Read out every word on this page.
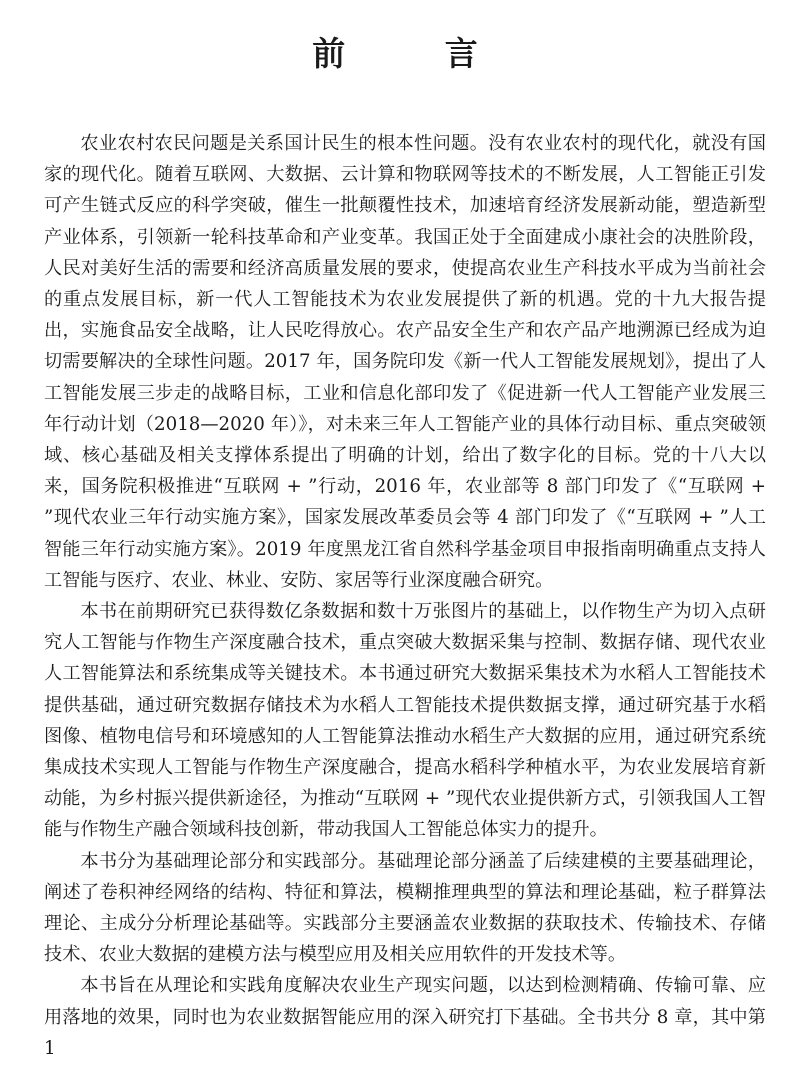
前 言

农业农村农民问题是关系国计民生的根本性问题。没有农业农村的现代化，就没有国家的现代化。随着互联网、大数据、云计算和物联网等技术的不断发展，人工智能正引发可产生链式反应的科学突破，催生一批颠覆性技术，加速培育经济发展新动能，塑造新型产业体系，引领新一轮科技革命和产业变革。我国正处于全面建成小康社会的决胜阶段，人民对美好生活的需要和经济高质量发展的要求，使提高农业生产科技水平成为当前社会的重点发展目标，新一代人工智能技术为农业发展提供了新的机遇。党的十九大报告提出，实施食品安全战略，让人民吃得放心。农产品安全生产和农产品产地溯源已经成为迫切需要解决的全球性问题。2017 年，国务院印发《新一代人工智能发展规划》，提出了人工智能发展三步走的战略目标，工业和信息化部印发了《促进新一代人工智能产业发展三年行动计划（2018—2020 年）》，对未来三年人工智能产业的具体行动目标、重点突破领域、核心基础及相关支撑体系提出了明确的计划，给出了数字化的目标。党的十八大以来，国务院积极推进“互联网 + ”行动，2016 年，农业部等 8 部门印发了《“互联网 + ”现代农业三年行动实施方案》，国家发展改革委员会等 4 部门印发了《“互联网 + ”人工智能三年行动实施方案》。2019 年度黑龙江省自然科学基金项目申报指南明确重点支持人工智能与医疗、农业、林业、安防、家居等行业深度融合研究。

本书在前期研究已获得数亿条数据和数十万张图片的基础上，以作物生产为切入点研究人工智能与作物生产深度融合技术，重点突破大数据采集与控制、数据存储、现代农业人工智能算法和系统集成等关键技术。本书通过研究大数据采集技术为水稻人工智能技术提供基础，通过研究数据存储技术为水稻人工智能技术提供数据支撑，通过研究基于水稻图像、植物电信号和环境感知的人工智能算法推动水稻生产大数据的应用，通过研究系统集成技术实现人工智能与作物生产深度融合，提高水稻科学种植水平，为农业发展培育新动能，为乡村振兴提供新途径，为推动“互联网 + ”现代农业提供新方式，引领我国人工智能与作物生产融合领域科技创新，带动我国人工智能总体实力的提升。

本书分为基础理论部分和实践部分。基础理论部分涵盖了后续建模的主要基础理论，阐述了卷积神经网络的结构、特征和算法，模糊推理典型的算法和理论基础，粒子群算法理论、主成分分析理论基础等。实践部分主要涵盖农业数据的获取技术、传输技术、存储技术、农业大数据的建模方法与模型应用及相关应用软件的开发技术等。

本书旨在从理论和实践角度解决农业生产现实问题，以达到检测精确、传输可靠、应用落地的效果，同时也为农业数据智能应用的深入研究打下基础。全书共分 8 章，其中第 1
